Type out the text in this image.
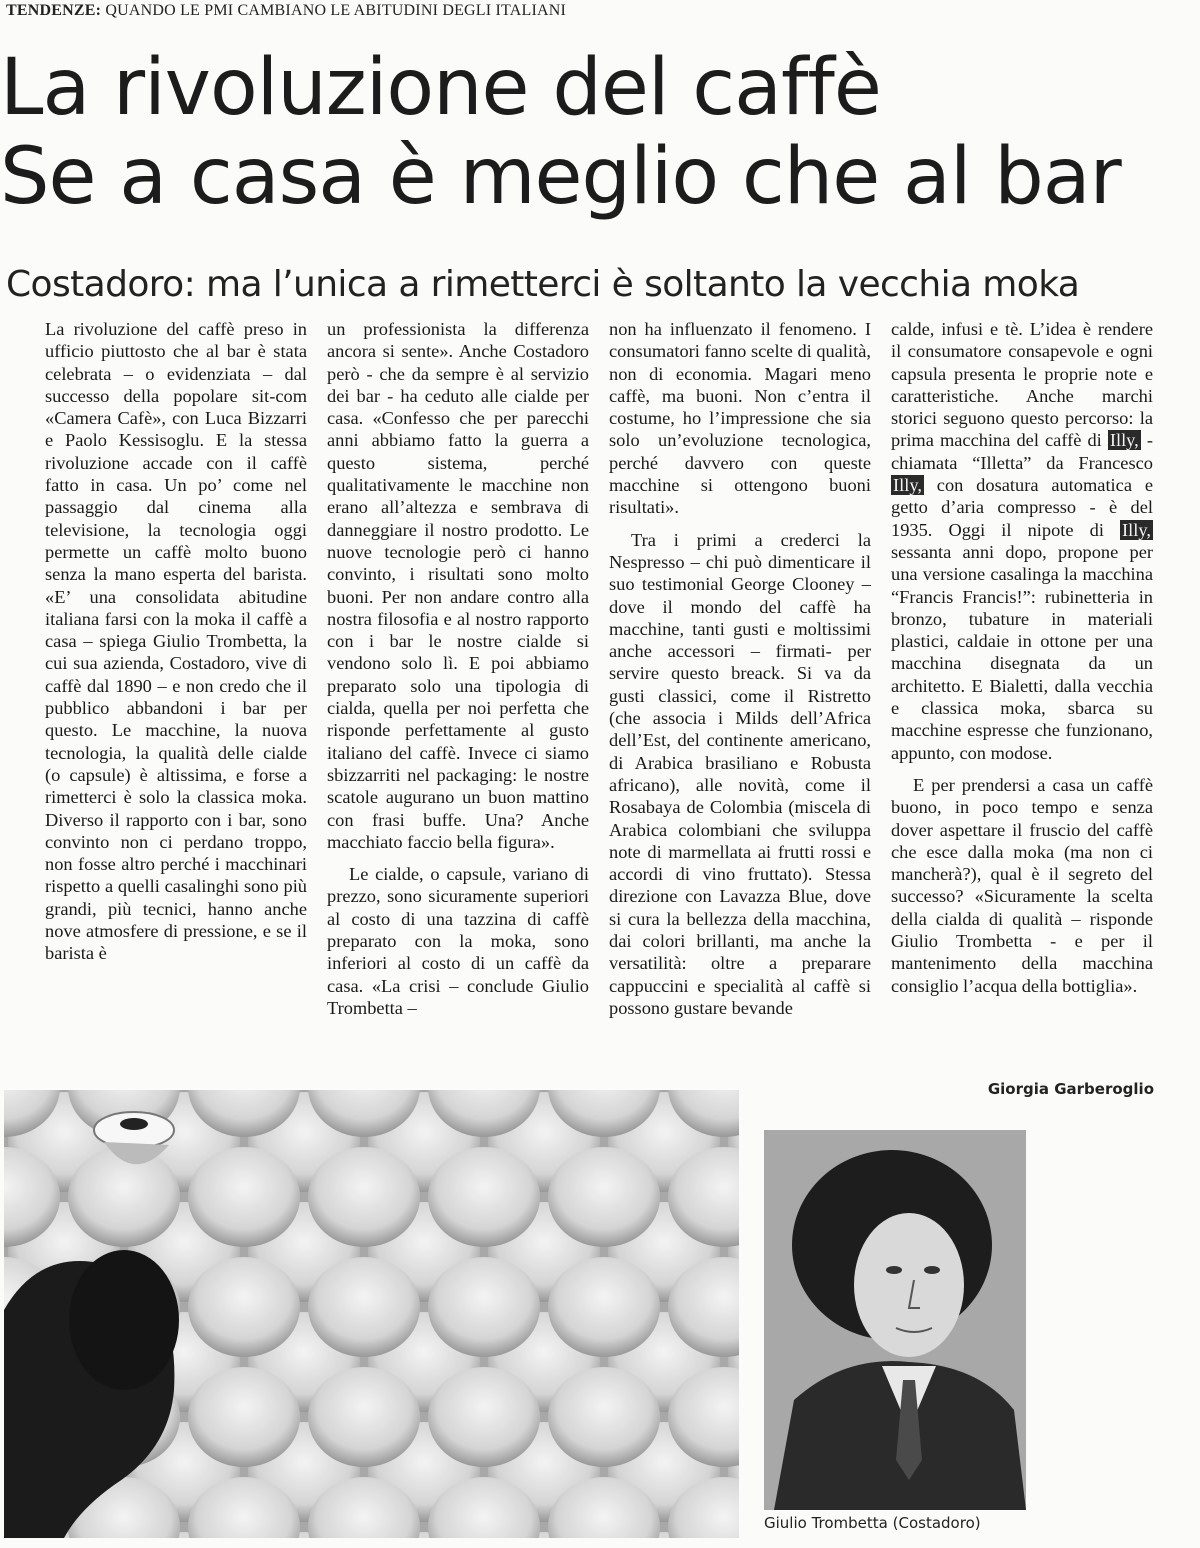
TENDENZE: QUANDO LE PMI CAMBIANO LE ABITUDINI DEGLI ITALIANI
La rivoluzione del caffè
Se a casa è meglio che al bar
Costadoro: ma l’unica a rimetterci è soltanto la vecchia moka

La rivoluzione del caffè preso in ufficio piuttosto che al bar è stata celebrata – o evidenziata – dal successo della popolare sit-com «Camera Cafè», con Luca Bizzarri e Paolo Kessisoglu. E la stessa rivoluzione accade con il caffè fatto in casa. Un po’ come nel passaggio dal cinema alla televisione, la tecnologia oggi permette un caffè molto buono senza la mano esperta del barista. «E’ una consolidata abitudine italiana farsi con la moka il caffè a casa – spiega Giulio Trombetta, la cui sua azienda, Costadoro, vive di caffè dal 1890 – e non credo che il pubblico abbandoni i bar per questo. Le macchine, la nuova tecnologia, la qualità delle cialde (o capsule) è altissima, e forse a rimetterci è solo la classica moka. Diverso il rapporto con i bar, sono convinto non ci perdano troppo, non fosse altro perché i macchinari rispetto a quelli casalinghi sono più grandi, più tecnici, hanno anche nove atmosfere di pressione, e se il barista è

un professionista la differenza ancora si sente». Anche Costadoro però - che da sempre è al servizio dei bar - ha ceduto alle cialde per casa. «Confesso che per parecchi anni abbiamo fatto la guerra a questo sistema, perché qualitativamente le macchine non erano all’altezza e sembrava di danneggiare il nostro prodotto. Le nuove tecnologie però ci hanno convinto, i risultati sono molto buoni. Per non andare contro alla nostra filosofia e al nostro rapporto con i bar le nostre cialde si vendono solo lì. E poi abbiamo preparato solo una tipologia di cialda, quella per noi perfetta che risponde perfettamente al gusto italiano del caffè. Invece ci siamo sbizzarriti nel packaging: le nostre scatole augurano un buon mattino con frasi buffe. Una? Anche macchiato faccio bella figura».

Le cialde, o capsule, variano di prezzo, sono sicuramente superiori al costo di una tazzina di caffè preparato con la moka, sono inferiori al costo di un caffè da casa. «La crisi – conclude Giulio Trombetta –

non ha influenzato il fenomeno. I consumatori fanno scelte di qualità, non di economia. Magari meno caffè, ma buoni. Non c’entra il costume, ho l’impressione che sia solo un’evoluzione tecnologica, perché davvero con queste macchine si ottengono buoni risultati».

Tra i primi a crederci la Nespresso – chi può dimenticare il suo testimonial George Clooney – dove il mondo del caffè ha macchine, tanti gusti e moltissimi anche accessori – firmati- per servire questo breack. Si va da gusti classici, come il Ristretto (che associa i Milds dell’Africa dell’Est, del continente americano, di Arabica brasiliano e Robusta africano), alle novità, come il Rosabaya de Colombia (miscela di Arabica colombiani che sviluppa note di marmellata ai frutti rossi e accordi di vino fruttato). Stessa direzione con Lavazza Blue, dove si cura la bellezza della macchina, dai colori brillanti, ma anche la versatilità: oltre a preparare cappuccini e specialità al caffè si possono gustare bevande

calde, infusi e tè. L’idea è rendere il consumatore consapevole e ogni capsula presenta le proprie note e caratteristiche. Anche marchi storici seguono questo percorso: la prima macchina del caffè di Illy, -chiamata “Illetta” da Francesco Illy, con dosatura automatica e getto d’aria compresso - è del 1935. Oggi il nipote di Illy, sessanta anni dopo, propone per una versione casalinga la macchina “Francis Francis!”: rubinetteria in bronzo, tubature in materiali plastici, caldaie in ottone per una macchina disegnata da un architetto. E Bialetti, dalla vecchia e classica moka, sbarca su macchine espresse che funzionano, appunto, con modose.

E per prendersi a casa un caffè buono, in poco tempo e senza dover aspettare il fruscio del caffè che esce dalla moka (ma non ci mancherà?), qual è il segreto del successo? «Sicuramente la scelta della cialda di qualità – risponde Giulio Trombetta - e per il mantenimento della macchina consiglio l’acqua della bottiglia».

Giorgia Garberoglio
Giulio Trombetta (Costadoro)
